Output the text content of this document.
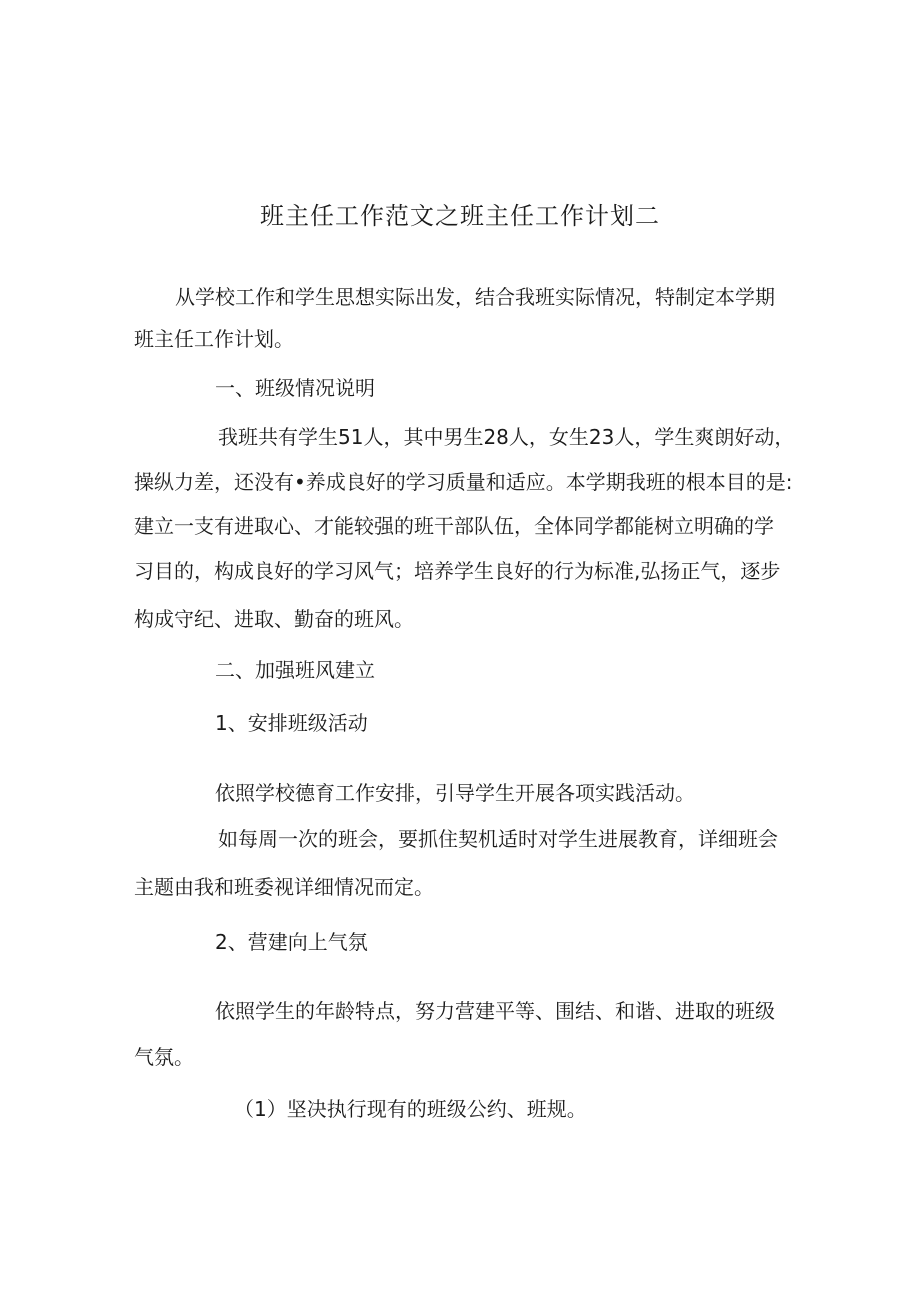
班主任工作范文之班主任工作计划二

从学校工作和学生思想实际出发，结合我班实际情况，特制定本学期

班主任工作计划。

一、班级情况说明

我班共有学生51人，其中男生28人，女生23人，学生爽朗好动，

操纵力差，还没有•养成良好的学习质量和适应。本学期我班的根本目的是:

建立一支有进取心、才能较强的班干部队伍，全体同学都能树立明确的学

习目的，构成良好的学习风气；培养学生良好的行为标准,弘扬正气，逐步

构成守纪、进取、勤奋的班风。

二、加强班风建立

1、安排班级活动

依照学校德育工作安排，引导学生开展各项实践活动。

如每周一次的班会，要抓住契机适时对学生进展教育，详细班会

主题由我和班委视详细情况而定。

2、营建向上气氛

依照学生的年龄特点，努力营建平等、围结、和谐、进取的班级

气氛。

（1）坚决执行现有的班级公约、班规。
